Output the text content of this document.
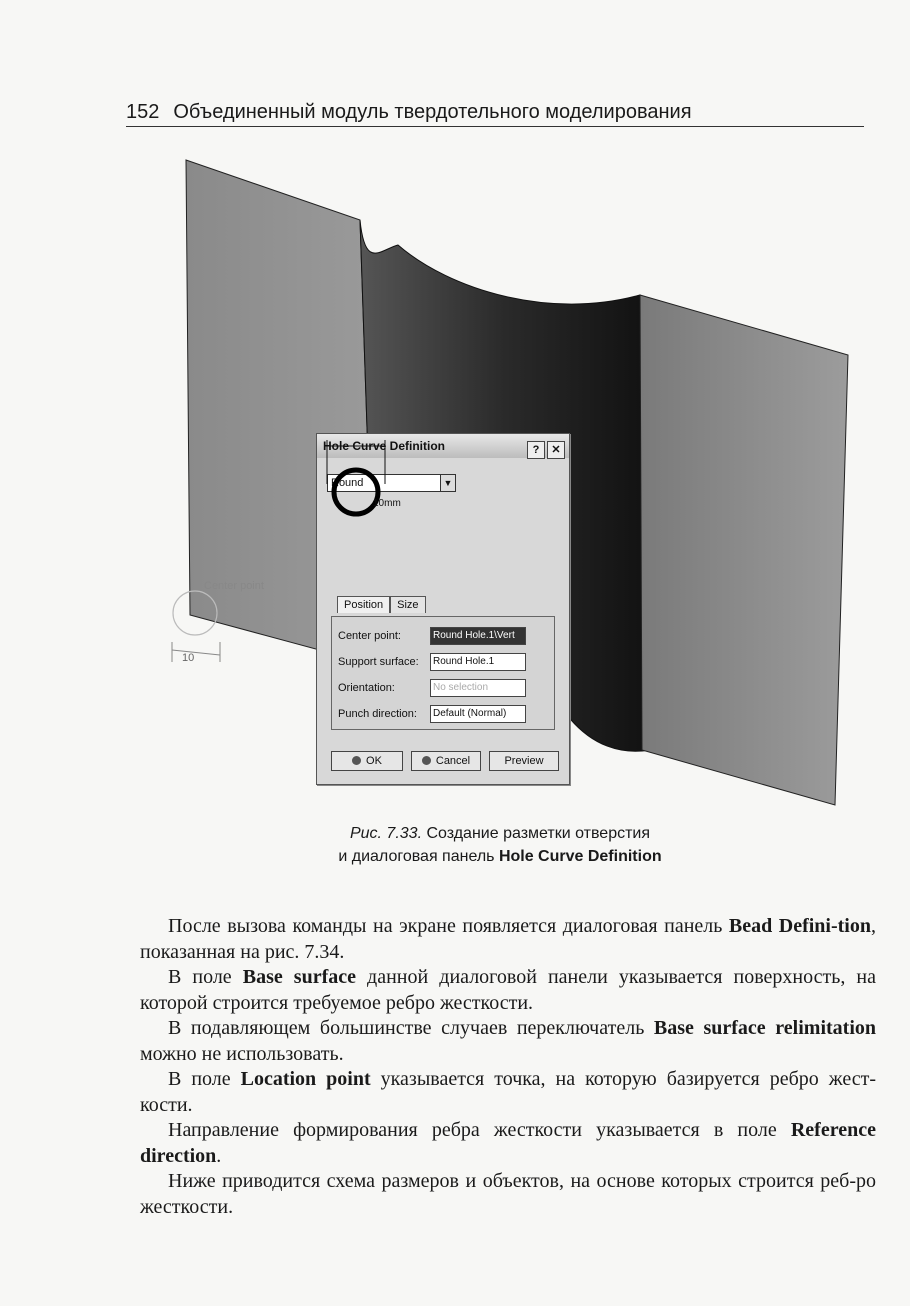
152 Объединенный модуль твердотельного моделирования
Center point
10
Hole Curve Definition	? ✕
Round	▼
10mm
Position Size
Center point:	Round Hole.1\Vert
Support surface:	Round Hole.1
Orientation:	No selection
Punch direction:	Default (Normal)
OK	Cancel	Preview
Рис. 7.33. Создание разметки отверстия
и диалоговая панель Hole Curve Definition

После вызова команды на экране появляется диалоговая панель Bead Defini-tion, показанная на рис. 7.34.

В поле Base surface данной диалоговой панели указывается поверхность, на которой строится требуемое ребро жесткости.

В подавляющем большинстве случаев переключатель Base surface relimitation можно не использовать.

В поле Location point указывается точка, на которую базируется ребро жест-кости.

Направление формирования ребра жесткости указывается в поле Reference direction.

Ниже приводится схема размеров и объектов, на основе которых строится реб-ро жесткости.
